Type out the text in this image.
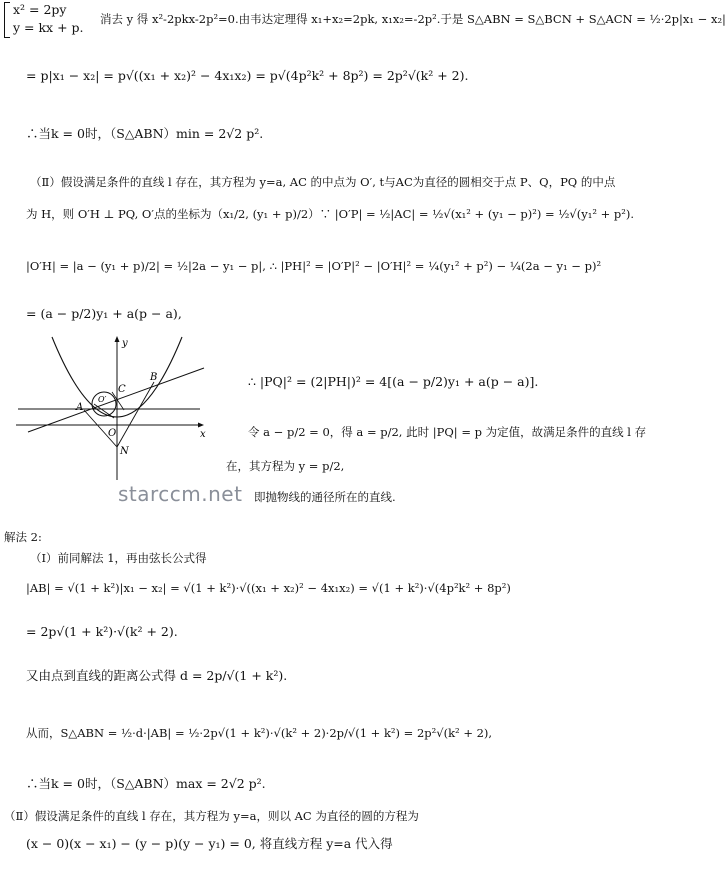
x² = 2py
y = kx + p.
消去 y 得 x²-2pkx-2p²=0.由韦达定理得 x₁+x₂=2pk, x₁x₂=-2p².于是 S△ABN = S△BCN + S△ACN = ½·2p|x₁ − x₂|
= p|x₁ − x₂| = p√((x₁ + x₂)² − 4x₁x₂) = p√(4p²k² + 8p²) = 2p²√(k² + 2).
∴当k = 0时，（S△ABN）min = 2√2 p².
（Ⅱ）假设满足条件的直线 l 存在，其方程为 y=a, AC 的中点为 O′, t与AC为直径的圆相交于点 P、Q，PQ 的中点
为 H，则 O′H ⊥ PQ, O′点的坐标为（x₁/2, (y₁ + p)/2）∵ |O′P| = ½|AC| = ½√(x₁² + (y₁ − p)²) = ½√(y₁² + p²).
|O′H| = |a − (y₁ + p)/2| = ½|2a − y₁ − p|, ∴ |PH|² = |O′P|² − |O′H|² = ¼(y₁² + p²) − ¼(2a − y₁ − p)²
= (a − p/2)y₁ + a(p − a),
y
x
O
A
B
C
N
O′
∴ |PQ|² = (2|PH|)² = 4[(a − p/2)y₁ + a(p − a)].
令 a − p/2 = 0，得 a = p/2, 此时 |PQ| = p 为定值，故满足条件的直线 l 存
在，其方程为 y = p/2,
即抛物线的通径所在的直线.
starccm.net
解法 2:
（Ⅰ）前同解法 1，再由弦长公式得
|AB| = √(1 + k²)|x₁ − x₂| = √(1 + k²)·√((x₁ + x₂)² − 4x₁x₂) = √(1 + k²)·√(4p²k² + 8p²)
= 2p√(1 + k²)·√(k² + 2).
又由点到直线的距离公式得 d = 2p/√(1 + k²).
从而，S△ABN = ½·d·|AB| = ½·2p√(1 + k²)·√(k² + 2)·2p/√(1 + k²) = 2p²√(k² + 2),
∴当k = 0时，（S△ABN）max = 2√2 p².
（Ⅱ）假设满足条件的直线 l 存在，其方程为 y=a，则以 AC 为直径的圆的方程为
(x − 0)(x − x₁) − (y − p)(y − y₁) = 0, 将直线方程 y=a 代入得
